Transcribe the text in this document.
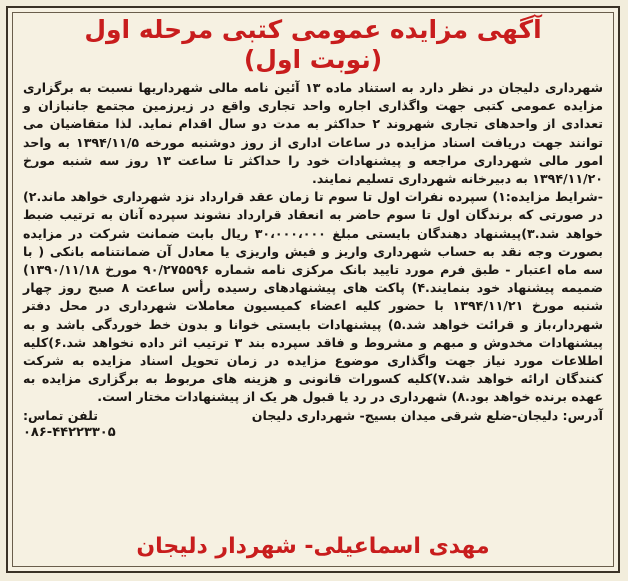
آگهی مزایده عمومی کتبی مرحله اول
(نوبت اول)

شهرداری دلیجان در نظر دارد به استناد ماده ۱۳ آئین نامه مالی شهرداریها نسبت به برگزاری مزایده عمومی کتبی جهت واگذاری اجاره واحد تجاری واقع در زیرزمین مجتمع جانبازان و تعدادی از واحدهای تجاری شهروند ۲ حداکثر به مدت دو سال اقدام نماید. لذا متقاضیان می توانند جهت دریافت اسناد مزایده در ساعات اداری از روز دوشنبه مورخه ۱۳۹۴/۱۱/۵ به واحد امور مالی شهرداری مراجعه و پیشنهادات خود را حداکثر تا ساعت ۱۳ روز سه شنبه مورخ ۱۳۹۴/۱۱/۲۰ به دبیرخانه شهرداری تسلیم نمایند.

-شرایط مزایده:۱) سپرده نفرات اول تا سوم تا زمان عقد قرارداد نزد شهرداری خواهد ماند.۲) در صورتی که برندگان اول تا سوم حاضر به انعقاد قرارداد نشوند سپرده آنان به ترتیب ضبط خواهد شد.۳)پیشنهاد دهندگان بایستی مبلغ ۳۰،۰۰۰،۰۰۰ ریال بابت ضمانت شرکت در مزایده بصورت وجه نقد به حساب شهرداری واریز و فیش واریزی یا معادل آن ضمانتنامه بانکی ( با سه ماه اعتبار - طبق فرم مورد تایید بانک مرکزی نامه شماره ۹۰/۲۷۵۵۹۶ مورخ ۱۳۹۰/۱۱/۱۸) ضمیمه پیشنهاد خود بنمایند.۴) پاکت های پیشنهادهای رسیده رأس ساعت ۸ صبح روز چهار شنبه مورخ ۱۳۹۴/۱۱/۲۱ با حضور کلیه اعضاء کمیسیون معاملات شهرداری در محل دفتر شهردار،باز و قرائت خواهد شد.۵) پیشنهادات بایستی خوانا و بدون خط خوردگی باشد و به پیشنهادات مخدوش و مبهم و مشروط و فاقد سپرده بند ۳ ترتیب اثر داده نخواهد شد.۶)کلیه اطلاعات مورد نیاز جهت واگذاری موضوع مزایده در زمان تحویل اسناد مزایده به شرکت کنندگان ارائه خواهد شد.۷)کلیه کسورات قانونی و هزینه های مربوط به برگزاری مزایده به عهده برنده خواهد بود.۸) شهرداری در رد یا قبول هر یک از پیشنهادات مختار است.

آدرس: دلیجان-ضلع شرقی میدان بسیج- شهرداری دلیجان
تلفن تماس:
۰۸۶-۴۴۲۲۳۳۰۵
مهدی اسماعیلی- شهردار دلیجان
